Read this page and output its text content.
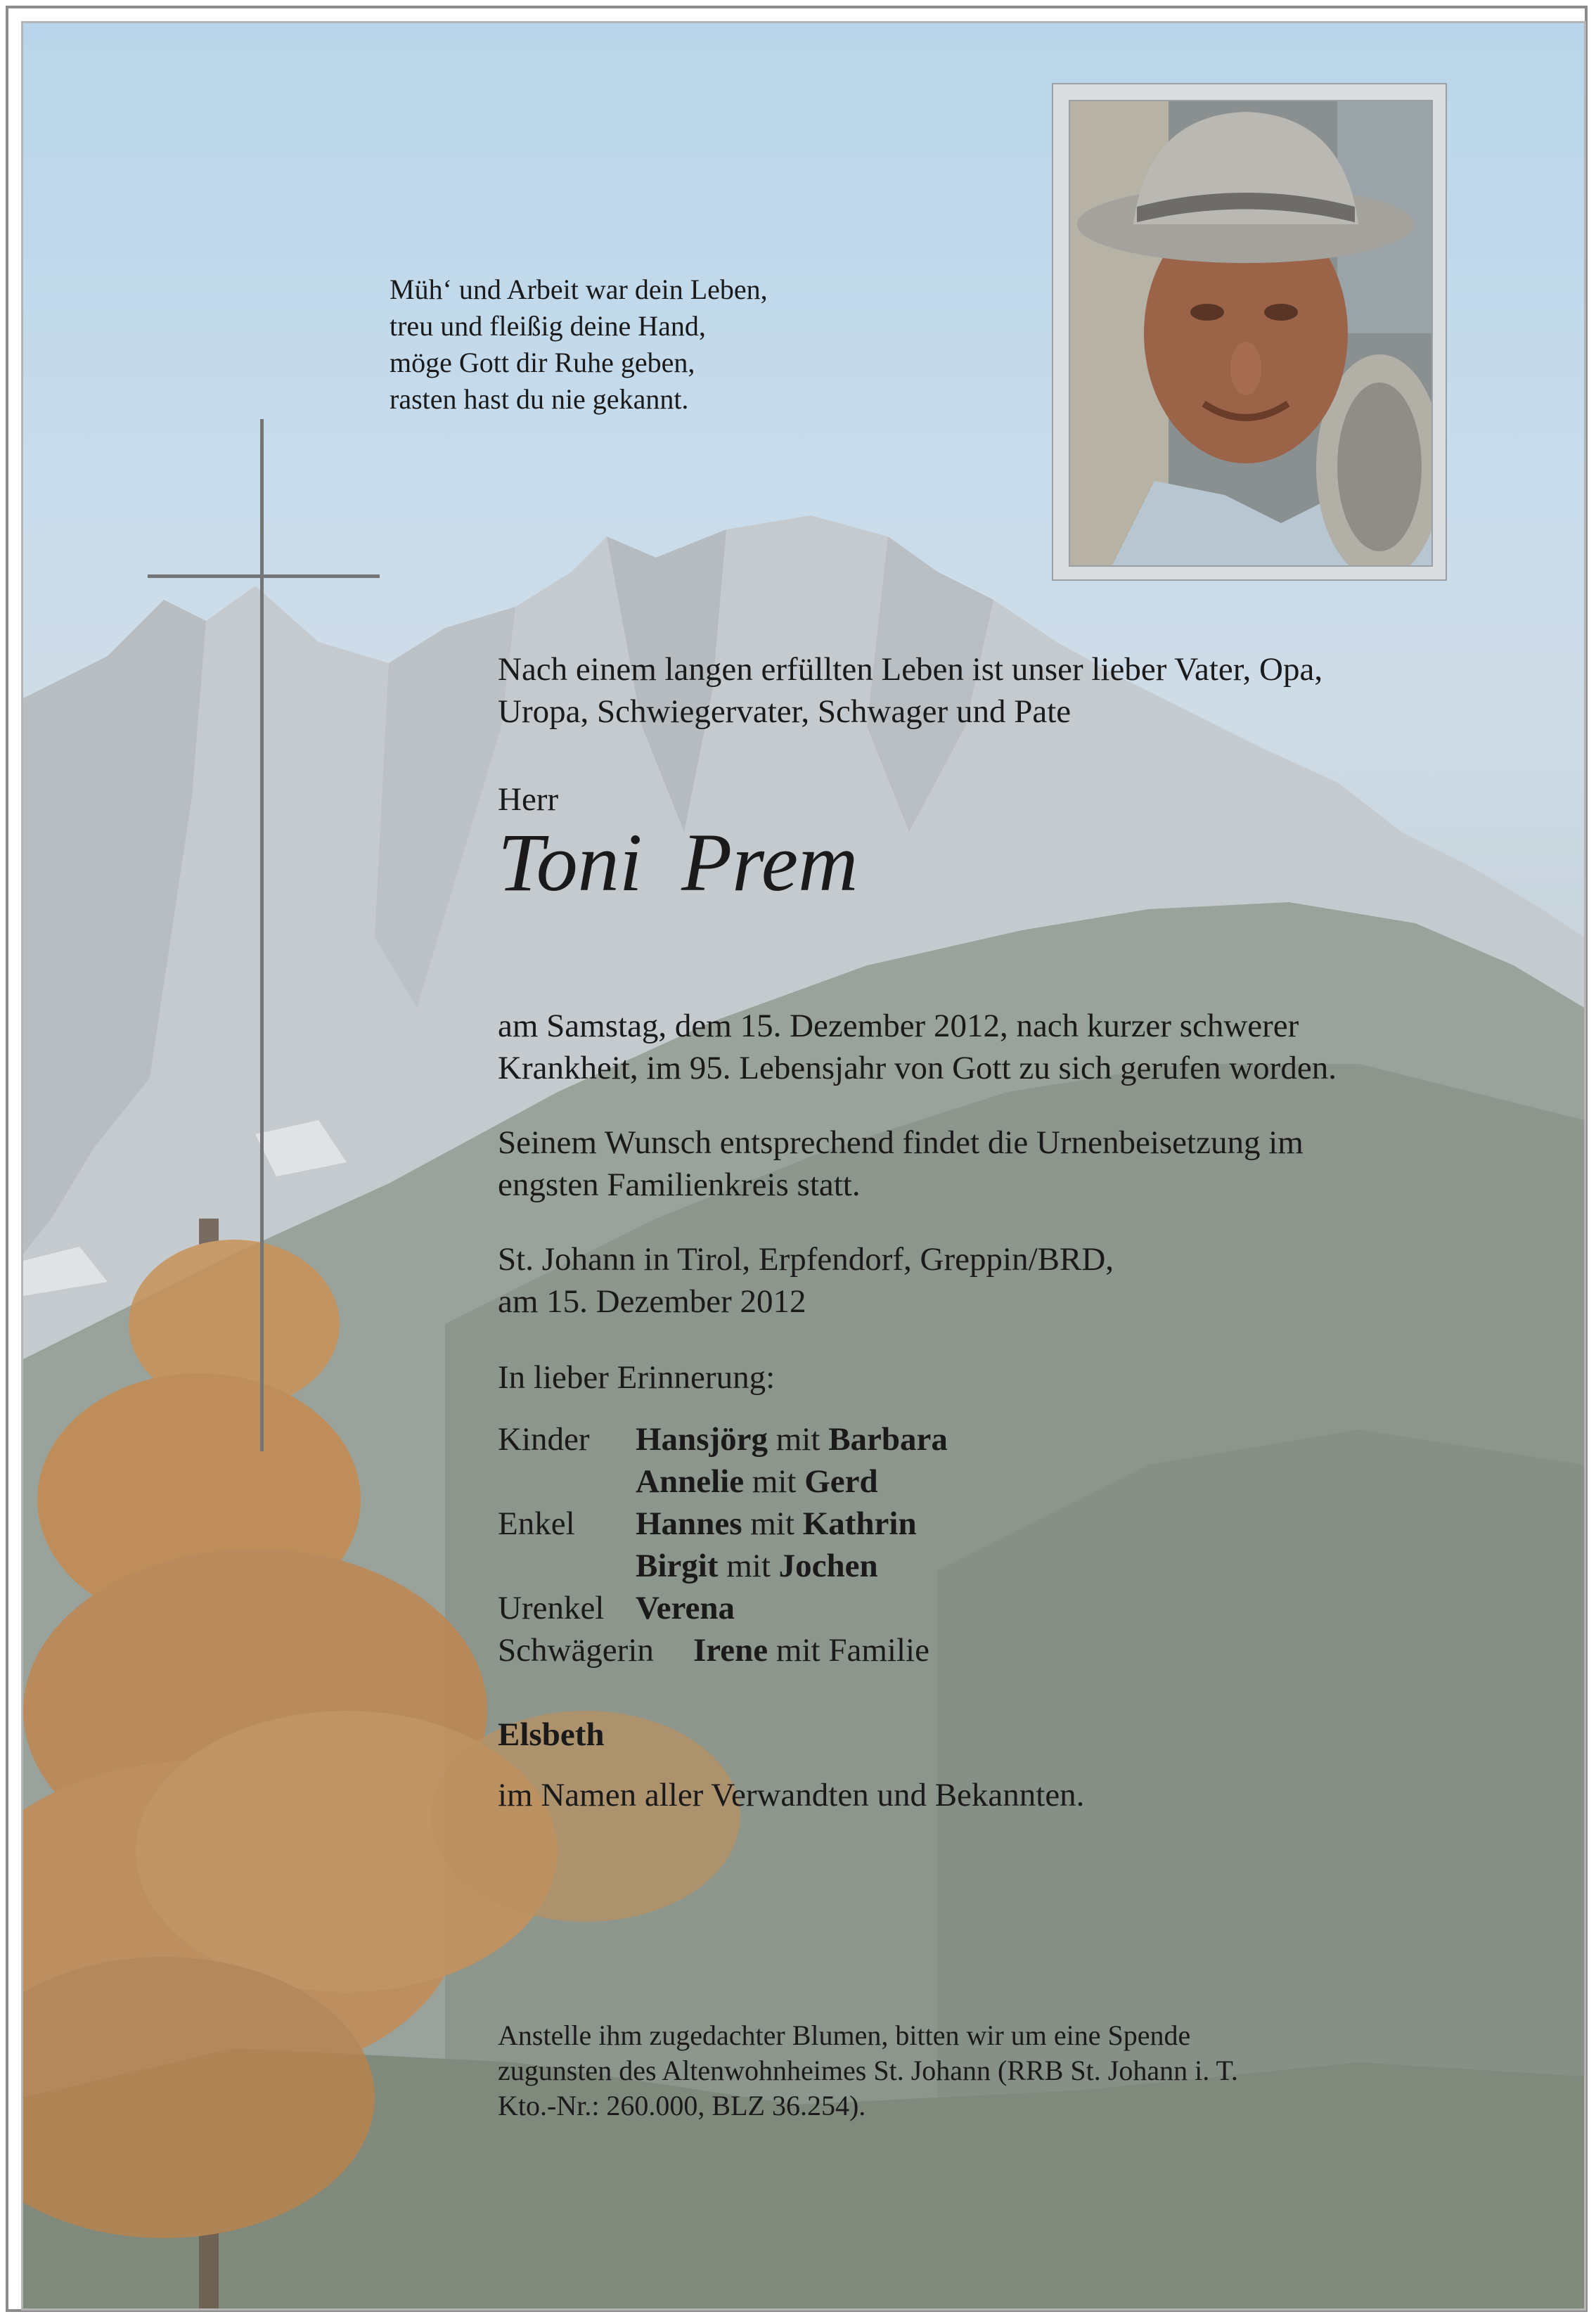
Müh‘ und Arbeit war dein Leben,
treu und fleißig deine Hand,
möge Gott dir Ruhe geben,
rasten hast du nie gekannt.
Nach einem langen erfüllten Leben ist unser lieber Vater, Opa,
Uropa, Schwiegervater, Schwager und Pate
Herr
Toni Prem
am Samstag, dem 15. Dezember 2012, nach kurzer schwerer
Krankheit, im 95. Lebensjahr von Gott zu sich gerufen worden.
Seinem Wunsch entsprechend findet die Urnenbeisetzung im
engsten Familienkreis statt.
St. Johann in Tirol, Erpfendorf, Greppin/BRD,
am 15. Dezember 2012
In lieber Erinnerung:
Kinder Hansjörg mit Barbara
Annelie mit Gerd
Enkel Hannes mit Kathrin
Birgit mit Jochen
Urenkel Verena
Schwägerin Irene mit Familie
Elsbeth
im Namen aller Verwandten und Bekannten.
Anstelle ihm zugedachter Blumen, bitten wir um eine Spende
zugunsten des Altenwohnheimes St. Johann (RRB St. Johann i. T.
Kto.-Nr.: 260.000, BLZ 36.254).
